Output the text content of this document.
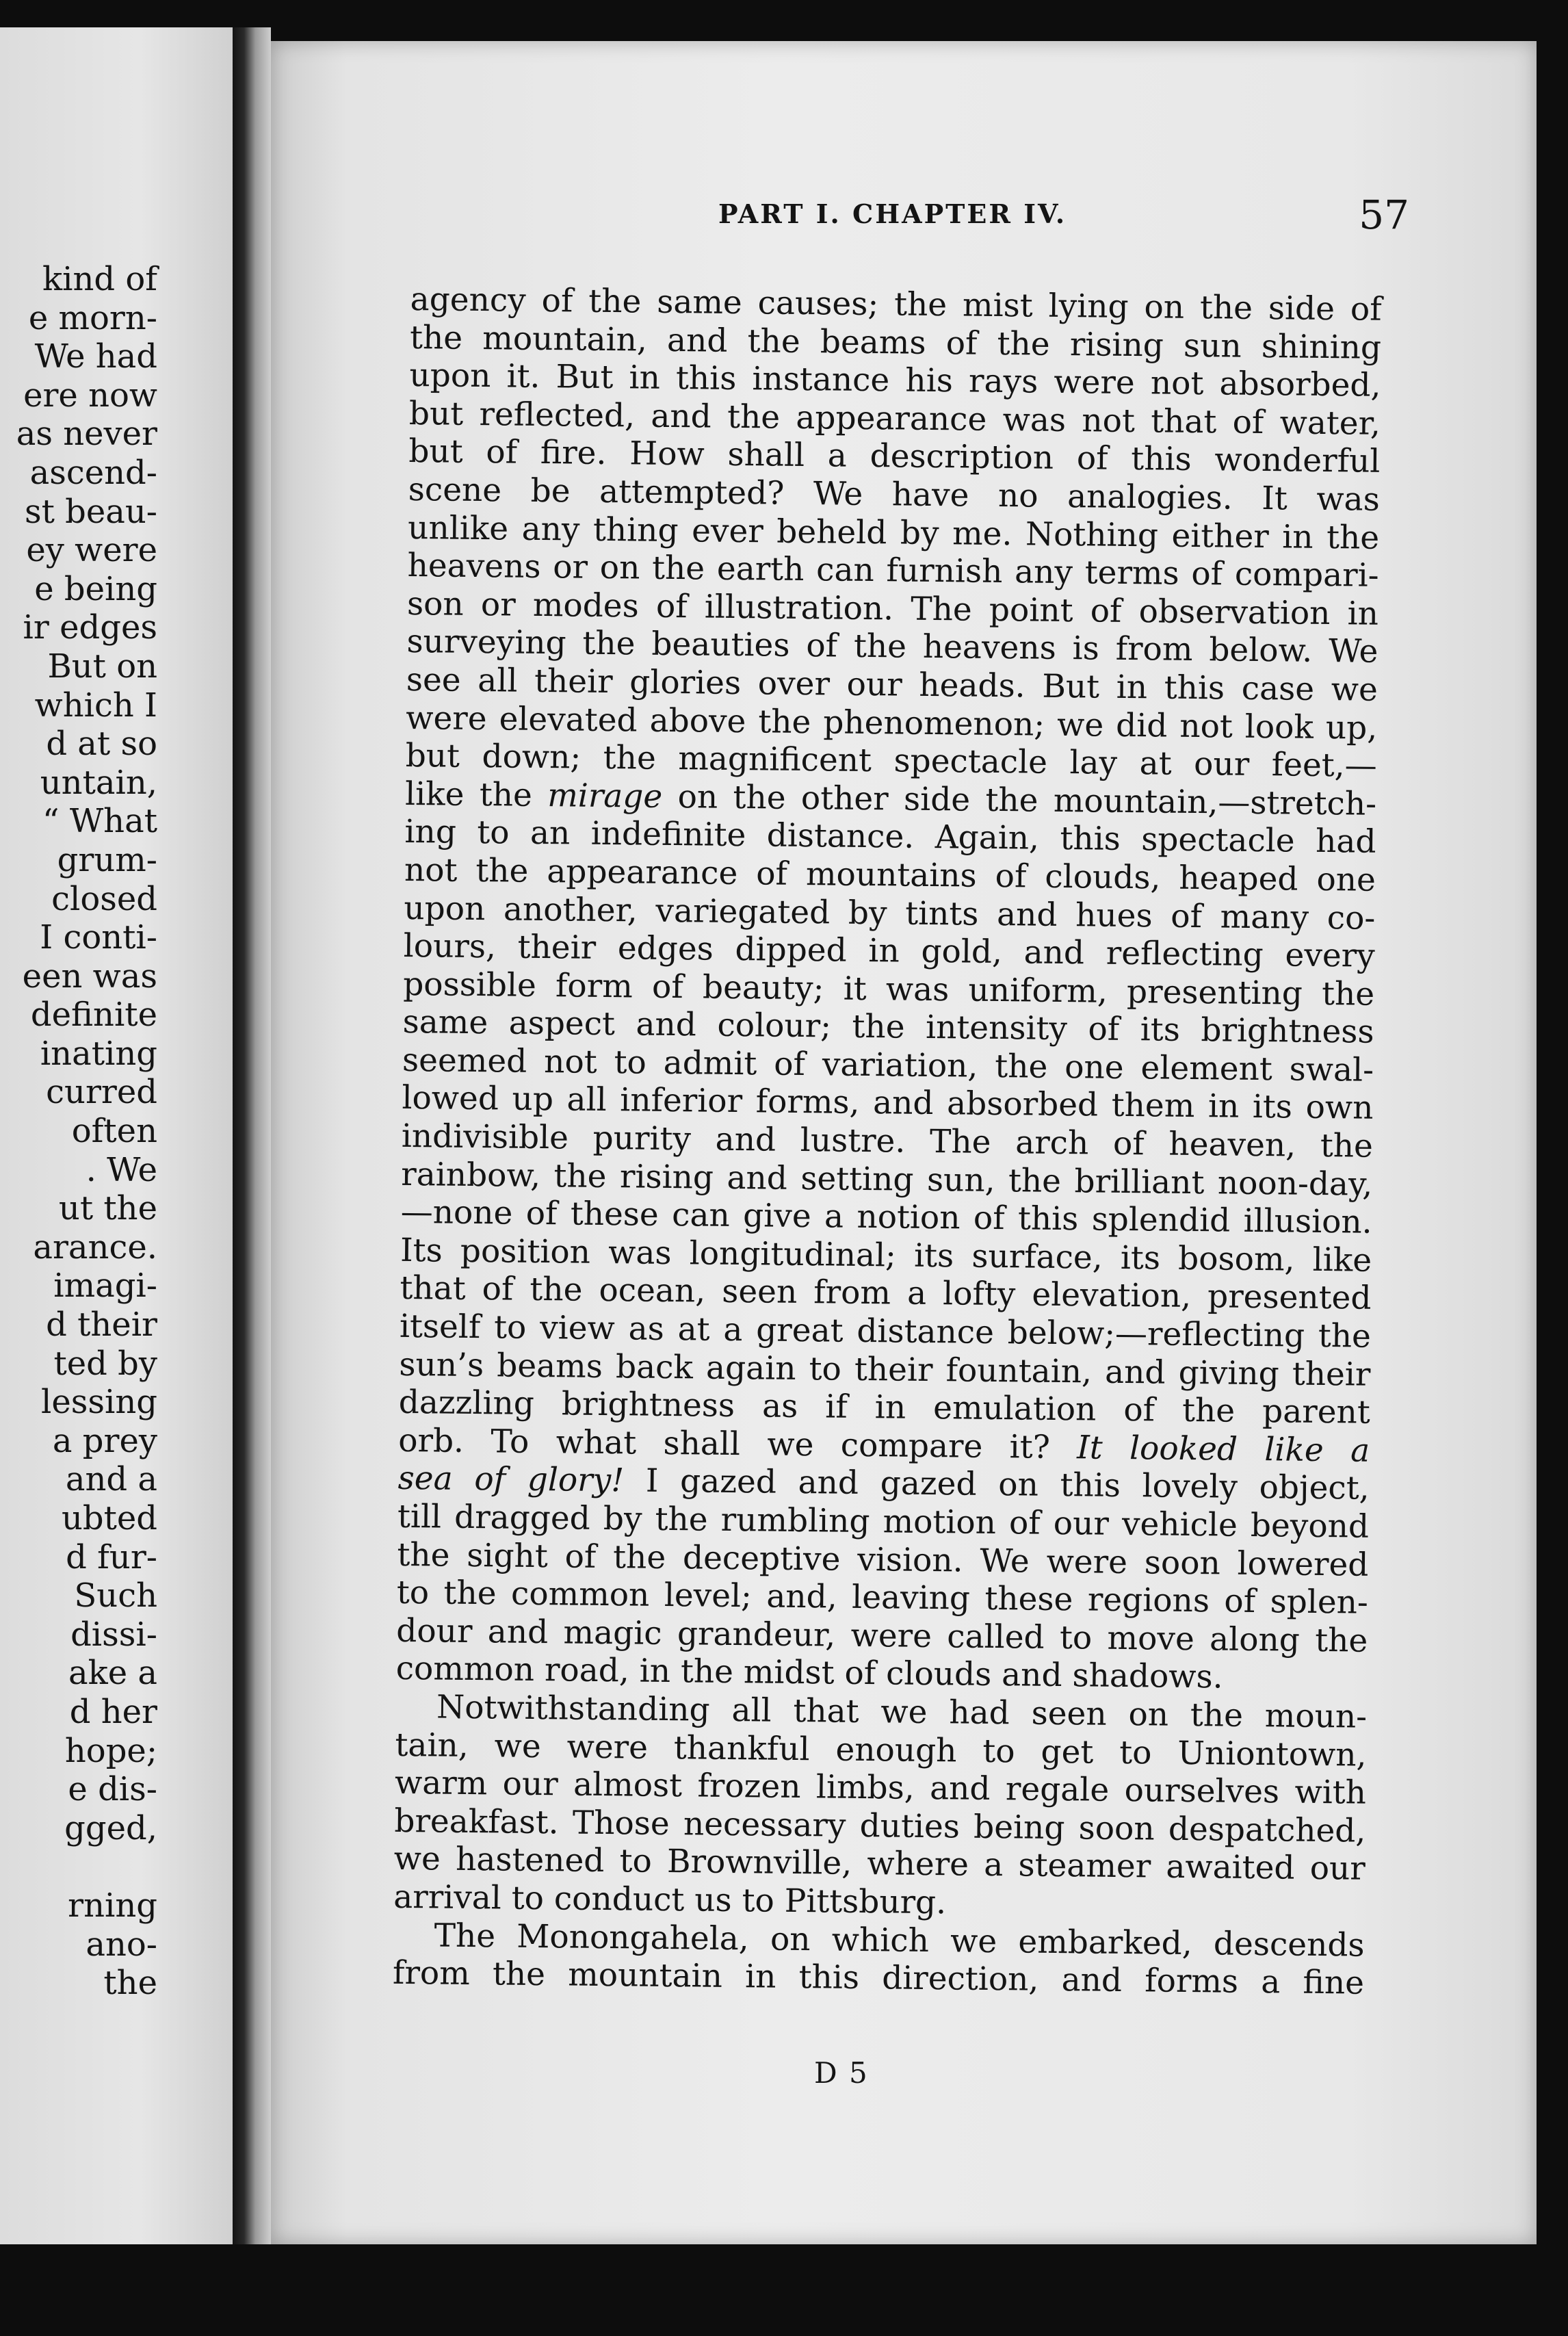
kind of
e morn-
We had
ere now
as never
ascend-
st beau-
ey were
e being
ir edges
But on
which I
d at so
untain,
“ What
grum-
closed
I conti-
een was
definite
inating
curred
often
. We
ut the
arance.
imagi-
d their
ted by
lessing
a prey
and a
ubted
d fur-
Such
dissi-
ake a
d her
hope;
e dis-
gged,

rning
ano-
the
PART I. CHAPTER IV.	57
agency of the same causes; the mist lying on the side of
the mountain, and the beams of the rising sun shining
upon it. But in this instance his rays were not absorbed,
but reflected, and the appearance was not that of water,
but of fire. How shall a description of this wonderful
scene be attempted? We have no analogies. It was
unlike any thing ever beheld by me. Nothing either in the
heavens or on the earth can furnish any terms of compari-
son or modes of illustration. The point of observation in
surveying the beauties of the heavens is from below. We
see all their glories over our heads. But in this case we
were elevated above the phenomenon; we did not look up,
but down; the magnificent spectacle lay at our feet,—
like the mirage on the other side the mountain,—stretch-
ing to an indefinite distance. Again, this spectacle had
not the appearance of mountains of clouds, heaped one
upon another, variegated by tints and hues of many co-
lours, their edges dipped in gold, and reflecting every
possible form of beauty; it was uniform, presenting the
same aspect and colour; the intensity of its brightness
seemed not to admit of variation, the one element swal-
lowed up all inferior forms, and absorbed them in its own
indivisible purity and lustre. The arch of heaven, the
rainbow, the rising and setting sun, the brilliant noon-day,
—none of these can give a notion of this splendid illusion.
Its position was longitudinal; its surface, its bosom, like
that of the ocean, seen from a lofty elevation, presented
itself to view as at a great distance below;—reflecting the
sun’s beams back again to their fountain, and giving their
dazzling brightness as if in emulation of the parent
orb. To what shall we compare it? It looked like a
sea of glory! I gazed and gazed on this lovely object,
till dragged by the rumbling motion of our vehicle beyond
the sight of the deceptive vision. We were soon lowered
to the common level; and, leaving these regions of splen-
dour and magic grandeur, were called to move along the
common road, in the midst of clouds and shadows.
Notwithstanding all that we had seen on the moun-
tain, we were thankful enough to get to Uniontown,
warm our almost frozen limbs, and regale ourselves with
breakfast. Those necessary duties being soon despatched,
we hastened to Brownville, where a steamer awaited our
arrival to conduct us to Pittsburg.
The Monongahela, on which we embarked, descends
from the mountain in this direction, and forms a fine
D 5
